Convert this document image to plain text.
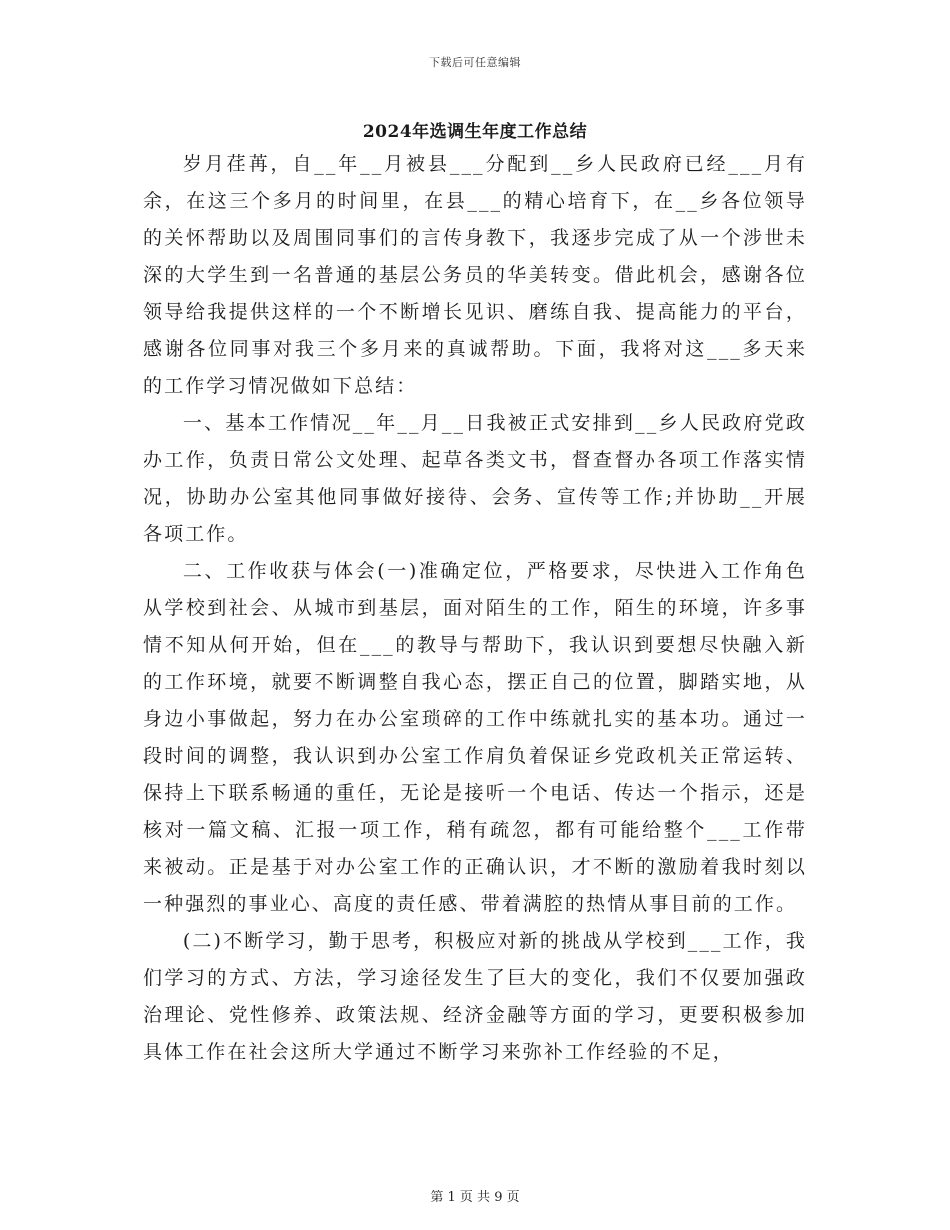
下载后可任意编辑
2024年选调生年度工作总结

岁月荏苒，自__年__月被县___分配到__乡人民政府已经___月有余，在这三个多月的时间里，在县___的精心培育下，在__乡各位领导的关怀帮助以及周围同事们的言传身教下，我逐步完成了从一个涉世未深的大学生到一名普通的基层公务员的华美转变。借此机会，感谢各位领导给我提供这样的一个不断增长见识、磨练自我、提高能力的平台，感谢各位同事对我三个多月来的真诚帮助。下面，我将对这___多天来的工作学习情况做如下总结：

一、基本工作情况__年__月__日我被正式安排到__乡人民政府党政办工作，负责日常公文处理、起草各类文书，督查督办各项工作落实情况，协助办公室其他同事做好接待、会务、宣传等工作;并协助__开展各项工作。

二、工作收获与体会(一)准确定位，严格要求，尽快进入工作角色从学校到社会、从城市到基层，面对陌生的工作，陌生的环境，许多事情不知从何开始，但在___的教导与帮助下，我认识到要想尽快融入新的工作环境，就要不断调整自我心态，摆正自己的位置，脚踏实地，从身边小事做起，努力在办公室琐碎的工作中练就扎实的基本功。通过一段时间的调整，我认识到办公室工作肩负着保证乡党政机关正常运转、保持上下联系畅通的重任，无论是接听一个电话、传达一个指示，还是核对一篇文稿、汇报一项工作，稍有疏忽，都有可能给整个___工作带来被动。正是基于对办公室工作的正确认识，才不断的激励着我时刻以一种强烈的事业心、高度的责任感、带着满腔的热情从事目前的工作。

(二)不断学习，勤于思考，积极应对新的挑战从学校到___工作，我们学习的方式、方法，学习途径发生了巨大的变化，我们不仅要加强政治理论、党性修养、政策法规、经济金融等方面的学习，更要积极参加具体工作在社会这所大学通过不断学习来弥补工作经验的不足，

第 1 页 共 9 页
